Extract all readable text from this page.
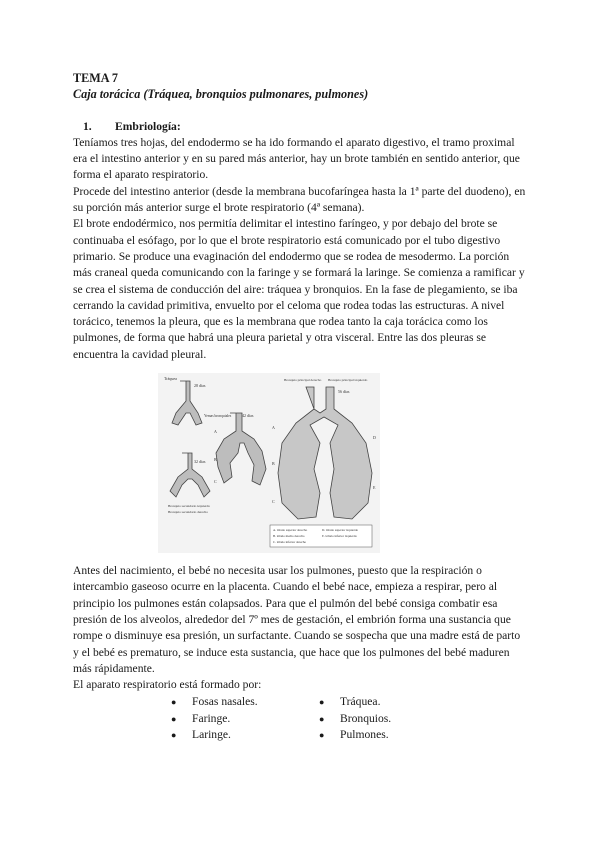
TEMA 7

Caja torácica (Tráquea, bronquios pulmonares, pulmones)

1. Embriología:

Teníamos tres hojas, del endodermo se ha ido formando el aparato digestivo, el tramo proximal era el intestino anterior y en su pared más anterior, hay un brote también en sentido anterior, que forma el aparato respiratorio.

Procede del intestino anterior (desde la membrana bucofaríngea hasta la 1ª parte del duodeno), en su porción más anterior surge el brote respiratorio (4ª semana).

El brote endodérmico, nos permitía delimitar el intestino faríngeo, y por debajo del brote se continuaba el esófago, por lo que el brote respiratorio está comunicado por el tubo digestivo primario. Se produce una evaginación del endodermo que se rodea de mesodermo. La porción más craneal queda comunicando con la faringe y se formará la laringe. Se comienza a ramificar y se crea el sistema de conducción del aire: tráquea y bronquios. En la fase de plegamiento, se iba cerrando la cavidad primitiva, envuelto por el celoma que rodea todas las estructuras. A nivel torácico, tenemos la pleura, que es la membrana que rodea tanto la caja torácica como los pulmones, de forma que habrá una pleura parietal y otra visceral. Entre las dos pleuras se encuentra la cavidad pleural.

Tráquea
28 días
Yemas bronquiales
32 días
Bronquio secundario izquierdo
Bronquio secundario derecho
42 días
A
B
C
Bronquio principal derecho Bronquio principal izquierdo
56 días
A
B
C
D
E
A. lóbulo superior derecho
B. lóbulo medio derecho
C. lóbulo inferior derecho
D. lóbulo superior izquierdo
E. lóbulo inferior izquierdo

Antes del nacimiento, el bebé no necesita usar los pulmones, puesto que la respiración o intercambio gaseoso ocurre en la placenta. Cuando el bebé nace, empieza a respirar, pero al principio los pulmones están colapsados. Para que el pulmón del bebé consiga combatir esa presión de los alveolos, alrededor del 7º mes de gestación, el embrión forma una sustancia que rompe o disminuye esa presión, un surfactante. Cuando se sospecha que una madre está de parto y el bebé es prematuro, se induce esta sustancia, que hace que los pulmones del bebé maduren más rápidamente.

El aparato respiratorio está formado por:

● Fosas nasales.
● Faringe.
● Laringe.
● Tráquea.
● Bronquios.
● Pulmones.
